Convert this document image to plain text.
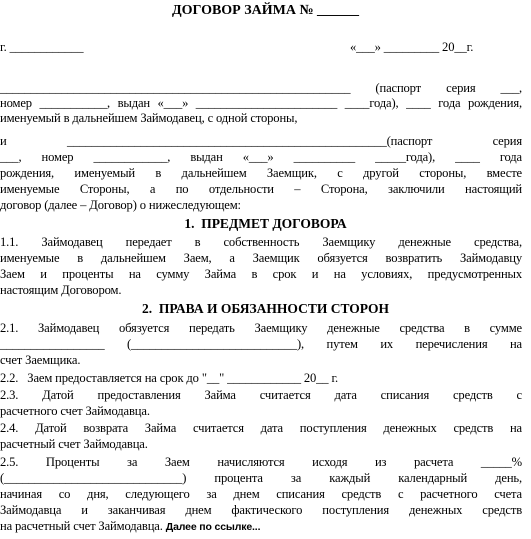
ДОГОВОР ЗАЙМА № ______
г. ____________	«___» _________ 20__г.
_________________________________________________________ (паспорт серия ___,
номер ___________, выдан «___» _______________________ ____года), ____ года рождения,
именуемый в дальнейшем Займодавец, с одной стороны,
и ____________________________________________________(паспорт серия
___, номер ____________, выдан «___» __________ _____года), ____ года
рождения, именуемый в дальнейшем Заемщик, с другой стороны, вместе
именуемые Стороны, а по отдельности – Сторона, заключили настоящий
договор (далее – Договор) о нижеследующем:
1.  ПРЕДМЕТ ДОГОВОРА
1.1. Займодавец передает в собственность Заемщику денежные средства,
именуемые в дальнейшем Заем, а Заемщик обязуется возвратить Займодавцу
Заем и проценты на сумму Займа в срок и на условиях, предусмотренных
настоящим Договором.
2.  ПРАВА И ОБЯЗАННОСТИ СТОРОН
2.1. Займодавец обязуется передать Заемщику денежные средства в сумме
_________________ (___________________________), путем их перечисления на
счет Заемщика.
2.2.   Заем предоставляется на срок до "__" ____________ 20__ г.
2.3. Датой предоставления Займа считается дата списания средств с
расчетного счет Займодавца.
2.4. Датой возврата Займа считается дата поступления денежных средств на
расчетный счет Займодавца.
2.5. Проценты за Заем начисляются исходя из расчета _____%
(_____________________________) процента за каждый календарный день,
начиная со дня, следующего за днем списания средств с расчетного счета
Займодавца и заканчивая днем фактического поступления денежных средств
на расчетный счет Займодавца. Далее по ссылке...
